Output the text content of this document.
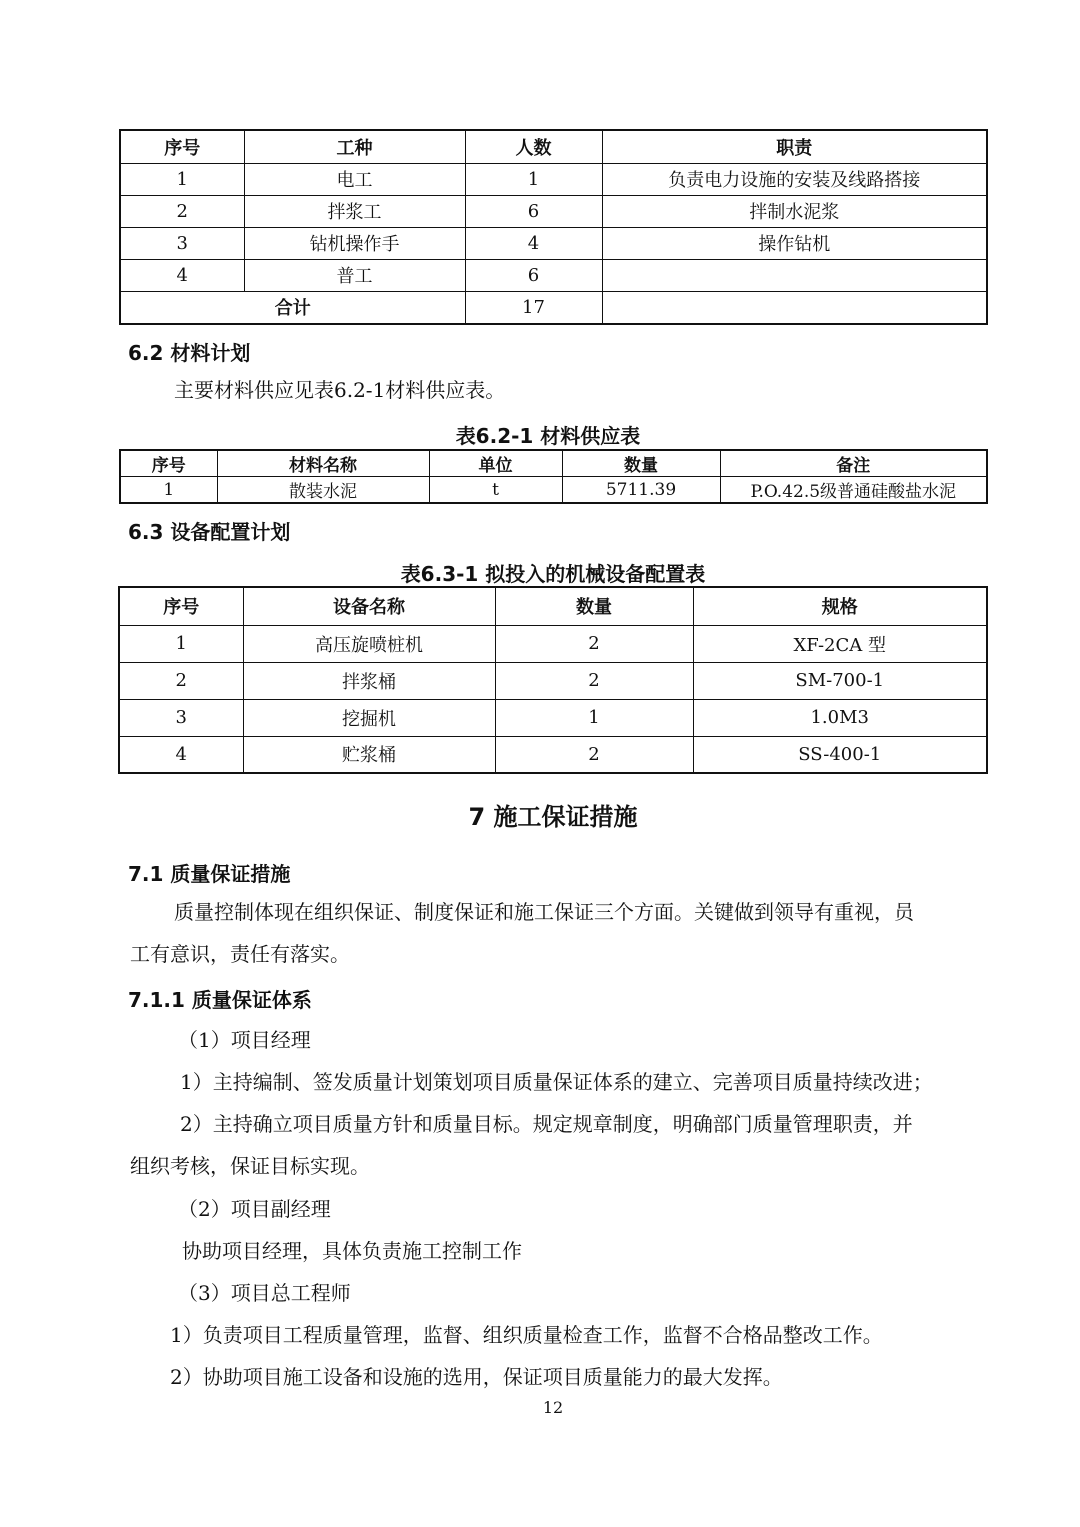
序号	工种	人数	职责
1	电工	1	负责电力设施的安装及线路搭接
2	拌浆工	6	拌制水泥浆
3	钻机操作手	4	操作钻机
4	普工	6	
合计		17	
6.2 材料计划
主要材料供应见表6.2-1材料供应表。
表6.2-1 材料供应表
序号	材料名称	单位	数量	备注
1	散装水泥	t	5711.39	P.O.42.5级普通硅酸盐水泥
6.3 设备配置计划
表6.3-1 拟投入的机械设备配置表
序号	设备名称	数量	规格
1	高压旋喷桩机	2	XF-2CA 型
2	拌浆桶	2	SM-700-1
3	挖掘机	1	1.0M3
4	贮浆桶	2	SS-400-1
7 施工保证措施
7.1 质量保证措施
质量控制体现在组织保证、制度保证和施工保证三个方面。关键做到领导有重视，员
工有意识，责任有落实。
7.1.1 质量保证体系
（1）项目经理
1）主持编制、签发质量计划策划项目质量保证体系的建立、完善项目质量持续改进；
2）主持确立项目质量方针和质量目标。规定规章制度，明确部门质量管理职责，并
组织考核，保证目标实现。
（2）项目副经理
协助项目经理，具体负责施工控制工作
（3）项目总工程师
1）负责项目工程质量管理，监督、组织质量检查工作，监督不合格品整改工作。
2）协助项目施工设备和设施的选用，保证项目质量能力的最大发挥。
12
